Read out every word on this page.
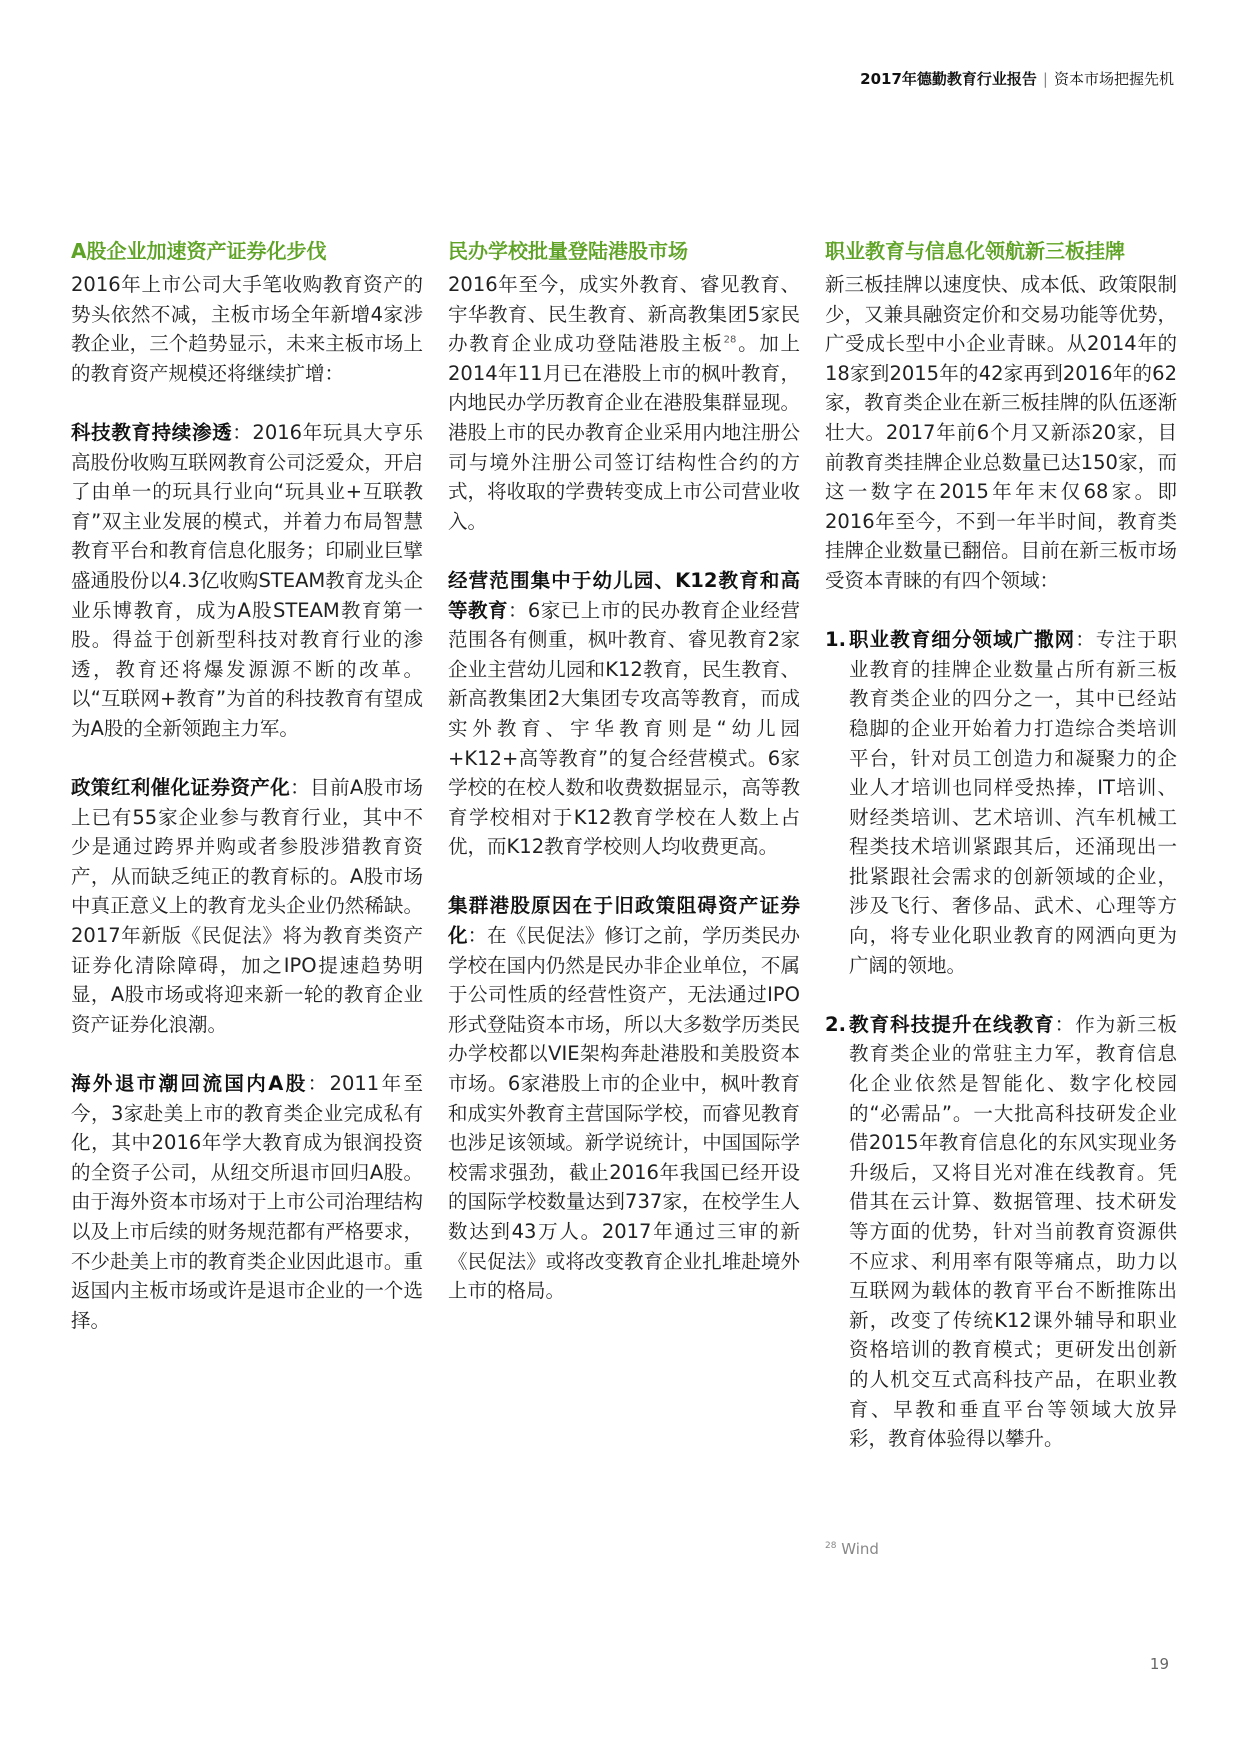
2017年德勤教育行业报告 | 资本市场把握先机
A股企业加速资产证券化步伐

2016年上市公司大手笔收购教育资产的势头依然不减，主板市场全年新增4家涉教企业，三个趋势显示，未来主板市场上的教育资产规模还将继续扩增：

科技教育持续渗透：2016年玩具大亨乐高股份收购互联网教育公司泛爱众，开启了由单一的玩具行业向“玩具业+互联教育”双主业发展的模式，并着力布局智慧教育平台和教育信息化服务；印刷业巨擘盛通股份以4.3亿收购STEAM教育龙头企业乐博教育，成为A股STEAM教育第一股。得益于创新型科技对教育行业的渗透，教育还将爆发源源不断的改革。以“互联网+教育”为首的科技教育有望成为A股的全新领跑主力军。

政策红利催化证券资产化：目前A股市场上已有55家企业参与教育行业，其中不少是通过跨界并购或者参股涉猎教育资产，从而缺乏纯正的教育标的。A股市场中真正意义上的教育龙头企业仍然稀缺。2017年新版《民促法》将为教育类资产证券化清除障碍，加之IPO提速趋势明显，A股市场或将迎来新一轮的教育企业资产证券化浪潮。

海外退市潮回流国内A股：2011年至今，3家赴美上市的教育类企业完成私有化，其中2016年学大教育成为银润投资的全资子公司，从纽交所退市回归A股。由于海外资本市场对于上市公司治理结构以及上市后续的财务规范都有严格要求，不少赴美上市的教育类企业因此退市。重返国内主板市场或许是退市企业的一个选择。

民办学校批量登陆港股市场

2016年至今，成实外教育、睿见教育、宇华教育、民生教育、新高教集团5家民办教育企业成功登陆港股主板$^{28}$。加上2014年11月已在港股上市的枫叶教育，内地民办学历教育企业在港股集群显现。港股上市的民办教育企业采用内地注册公司与境外注册公司签订结构性合约的方式，将收取的学费转变成上市公司营业收入。

经营范围集中于幼儿园、K12教育和高等教育：6家已上市的民办教育企业经营范围各有侧重，枫叶教育、睿见教育2家企业主营幼儿园和K12教育，民生教育、新高教集团2大集团专攻高等教育，而成实外教育、宇华教育则是“幼儿园+K12+高等教育”的复合经营模式。6家学校的在校人数和收费数据显示，高等教育学校相对于K12教育学校在人数上占优，而K12教育学校则人均收费更高。

集群港股原因在于旧政策阻碍资产证券化：在《民促法》修订之前，学历类民办学校在国内仍然是民办非企业单位，不属于公司性质的经营性资产，无法通过IPO形式登陆资本市场，所以大多数学历类民办学校都以VIE架构奔赴港股和美股资本市场。6家港股上市的企业中，枫叶教育和成实外教育主营国际学校，而睿见教育也涉足该领域。新学说统计，中国国际学校需求强劲，截止2016年我国已经开设的国际学校数量达到737家，在校学生人数达到43万人。2017年通过三审的新《民促法》或将改变教育企业扎堆赴境外上市的格局。

职业教育与信息化领航新三板挂牌

新三板挂牌以速度快、成本低、政策限制少，又兼具融资定价和交易功能等优势，广受成长型中小企业青睐。从2014年的18家到2015年的42家再到2016年的62家，教育类企业在新三板挂牌的队伍逐渐壮大。2017年前6个月又新添20家，目前教育类挂牌企业总数量已达150家，而这一数字在2015年年末仅68家。即2016年至今，不到一年半时间，教育类挂牌企业数量已翻倍。目前在新三板市场受资本青睐的有四个领域：

1. 职业教育细分领域广撒网：专注于职业教育的挂牌企业数量占所有新三板教育类企业的四分之一，其中已经站稳脚的企业开始着力打造综合类培训平台，针对员工创造力和凝聚力的企业人才培训也同样受热捧，IT培训、财经类培训、艺术培训、汽车机械工程类技术培训紧跟其后，还涌现出一批紧跟社会需求的创新领域的企业，涉及飞行、奢侈品、武术、心理等方向，将专业化职业教育的网洒向更为广阔的领地。
2. 教育科技提升在线教育：作为新三板教育类企业的常驻主力军，教育信息化企业依然是智能化、数字化校园的“必需品”。一大批高科技研发企业借2015年教育信息化的东风实现业务升级后，又将目光对准在线教育。凭借其在云计算、数据管理、技术研发等方面的优势，针对当前教育资源供不应求、利用率有限等痛点，助力以互联网为载体的教育平台不断推陈出新，改变了传统K12课外辅导和职业资格培训的教育模式；更研发出创新的人机交互式高科技产品，在职业教育、早教和垂直平台等领域大放异彩，教育体验得以攀升。
$^{28}$ Wind
19
